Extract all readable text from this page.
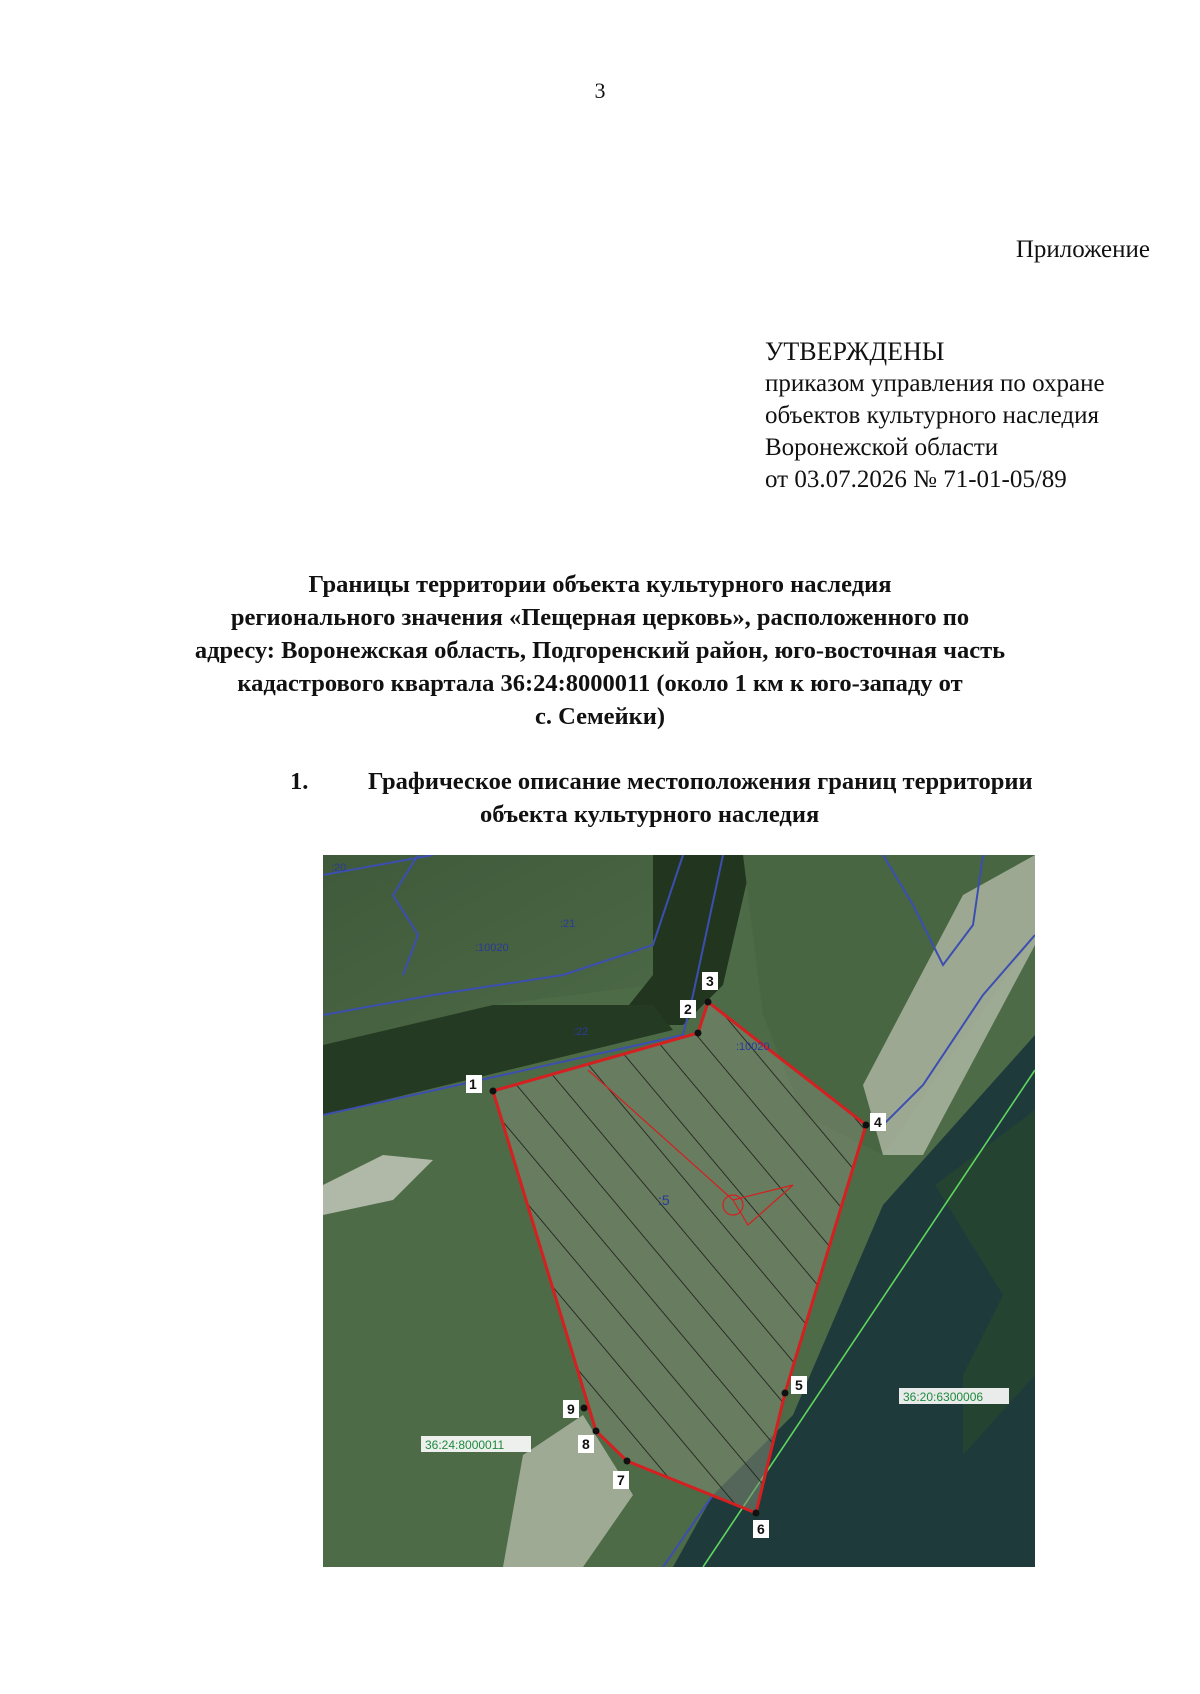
3
Приложение
УТВЕРЖДЕНЫ
приказом управления по охране
объектов культурного наследия
Воронежской области
от 03.07.2026 № 71-01-05/89
Границы территории объекта культурного наследия
регионального значения «Пещерная церковь», расположенного по
адресу: Воронежская область, Подгоренский район, юго-восточная часть
кадастрового квартала 36:24:8000011 (около 1 км к юго-западу от
с. Семейки)
1. Графическое описание местоположения границ территории
объекта культурного наследия
1
2
3
4
5
6
7
8
9
:20
:21
:10020
:22
:10020
:5
36:24:8000011
36:20:6300006
